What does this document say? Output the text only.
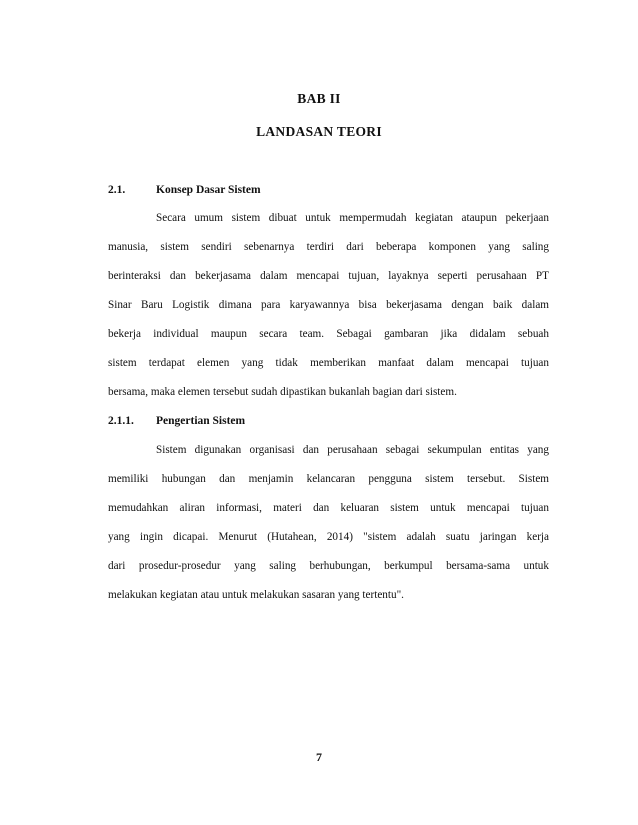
BAB II
LANDASAN TEORI
2.1.	Konsep Dasar Sistem
Secara umum sistem dibuat untuk mempermudah kegiatan ataupun pekerjaan
manusia, sistem sendiri sebenarnya terdiri dari beberapa komponen yang saling
berinteraksi dan bekerjasama dalam mencapai tujuan, layaknya seperti perusahaan PT
Sinar Baru Logistik dimana para karyawannya bisa bekerjasama dengan baik dalam
bekerja individual maupun secara team. Sebagai gambaran jika didalam sebuah
sistem terdapat elemen yang tidak memberikan manfaat dalam mencapai tujuan
bersama, maka elemen tersebut sudah dipastikan bukanlah bagian dari sistem.
2.1.1. Pengertian Sistem
Sistem digunakan organisasi dan perusahaan sebagai sekumpulan entitas yang
memiliki hubungan dan menjamin kelancaran pengguna sistem tersebut. Sistem
memudahkan aliran informasi, materi dan keluaran sistem untuk mencapai tujuan
yang ingin dicapai. Menurut (Hutahean, 2014) "sistem adalah suatu jaringan kerja
dari prosedur-prosedur yang saling berhubungan, berkumpul bersama-sama untuk
melakukan kegiatan atau untuk melakukan sasaran yang tertentu".
7
